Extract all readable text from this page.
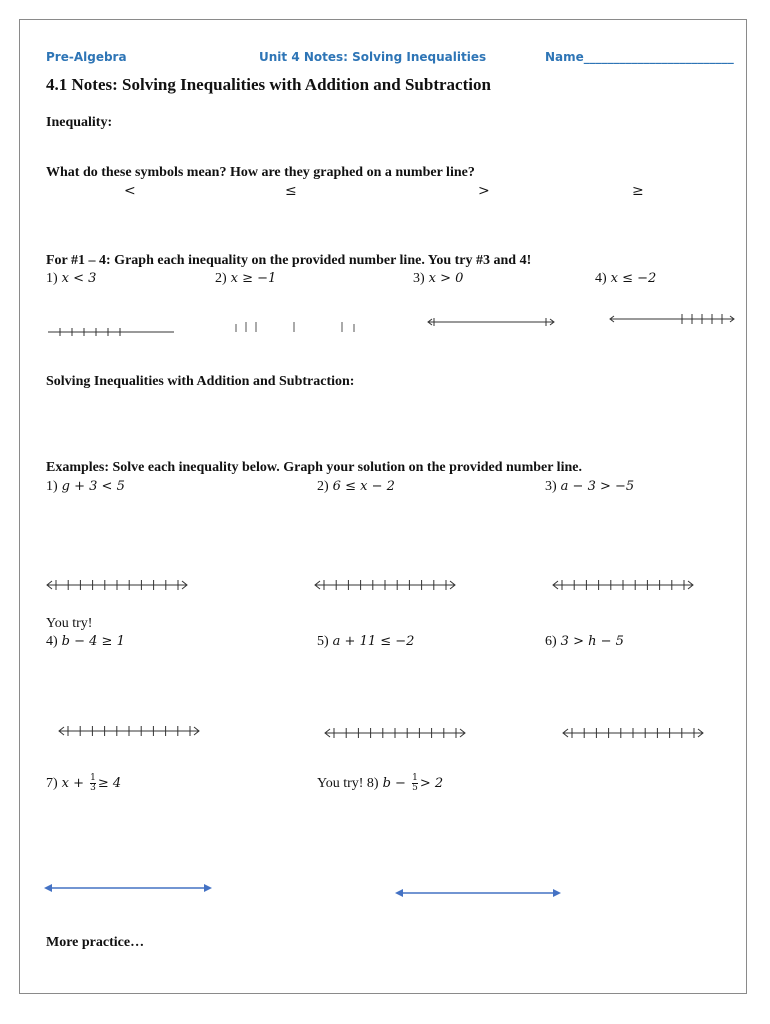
Pre-Algebra	Unit 4 Notes: Solving Inequalities	Name_________________________
4.1 Notes: Solving Inequalities with Addition and Subtraction
Inequality:
What do these symbols mean? How are they graphed on a number line?
<	≤	>	≥
For #1 – 4: Graph each inequality on the provided number line. You try #3 and 4!
1) x < 3	2) x ≥ −1	3) x > 0	4) x ≤ −2
Solving Inequalities with Addition and Subtraction:
Examples: Solve each inequality below. Graph your solution on the provided number line.
1) g + 3 < 5	2) 6 ≤ x − 2	3) a − 3 > −5
You try!
4) b − 4 ≥ 1	5) a + 11 ≤ −2	6) 3 > h − 5
7) $x + \frac{1}{3} \ge 4$	You try! 8) $b - \frac{1}{5} > 2$
More practice…
